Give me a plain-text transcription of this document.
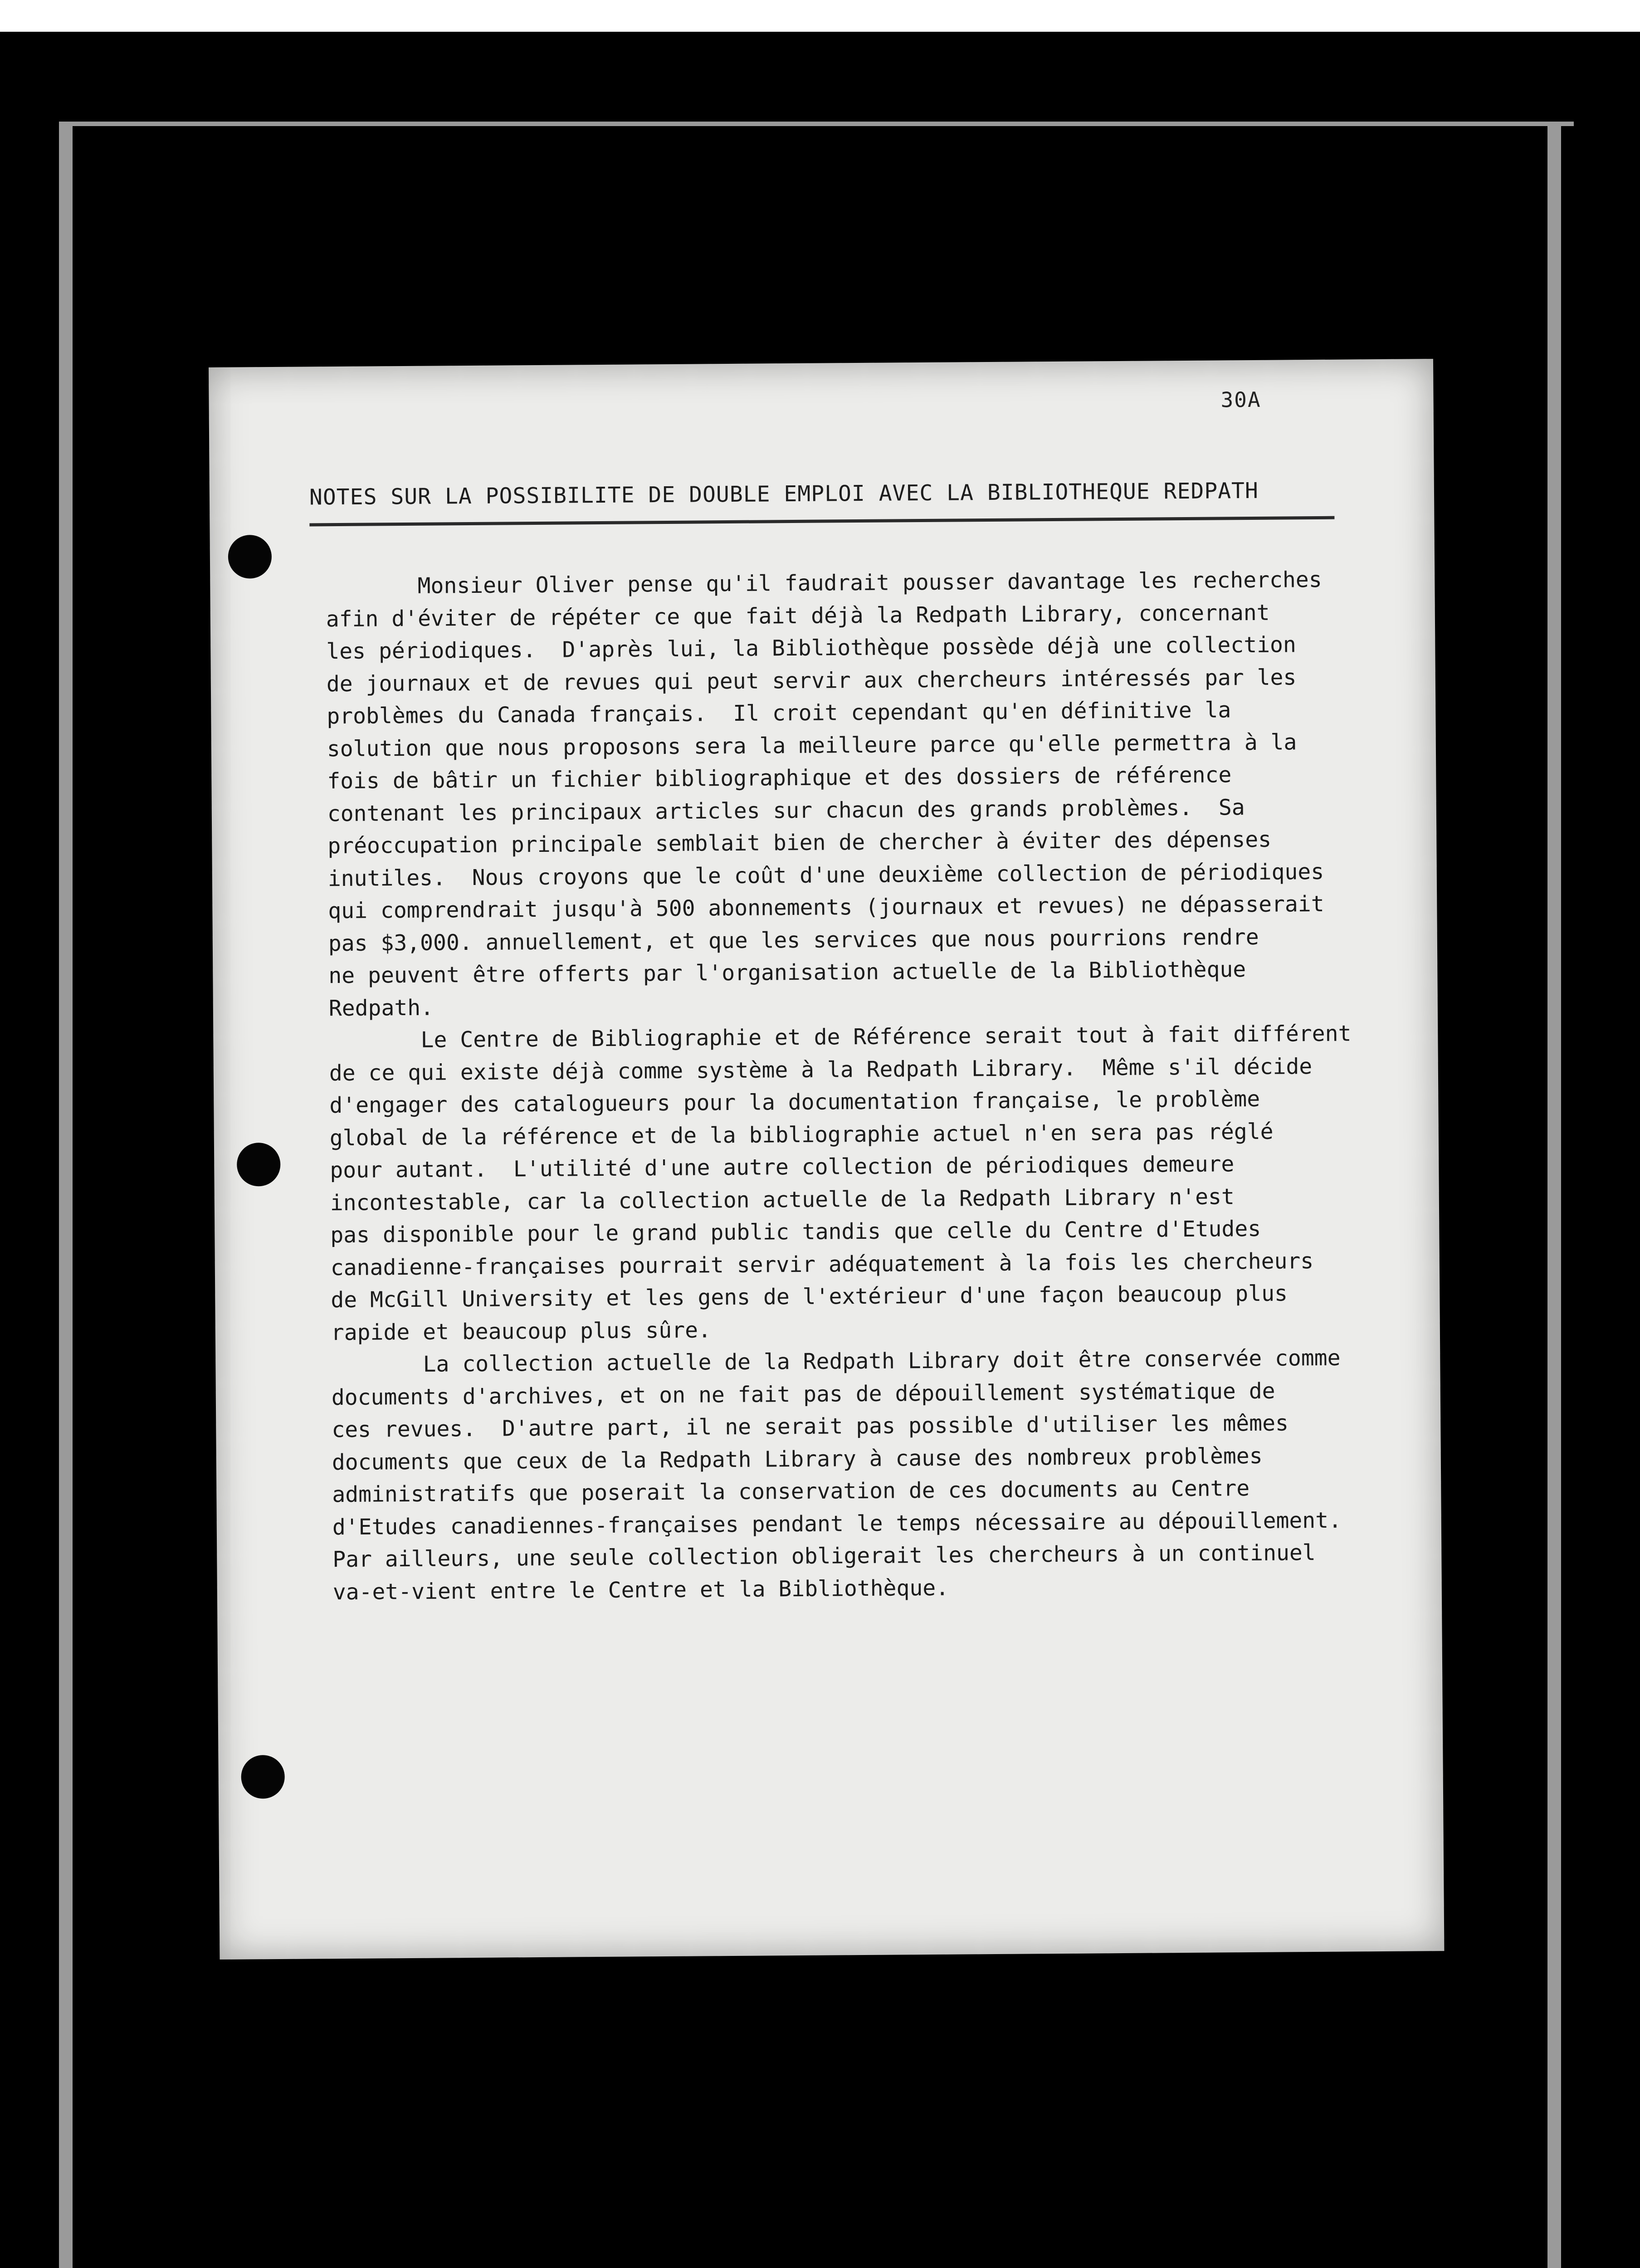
30A
NOTES SUR LA POSSIBILITE DE DOUBLE EMPLOI AVEC LA BIBLIOTHEQUE REDPATH
Monsieur Oliver pense qu'il faudrait pousser davantage les recherches
afin d'éviter de répéter ce que fait déjà la Redpath Library, concernant
les périodiques.  D'après lui, la Bibliothèque possède déjà une collection
de journaux et de revues qui peut servir aux chercheurs intéressés par les
problèmes du Canada français.  Il croit cependant qu'en définitive la
solution que nous proposons sera la meilleure parce qu'elle permettra à la
fois de bâtir un fichier bibliographique et des dossiers de référence
contenant les principaux articles sur chacun des grands problèmes.  Sa
préoccupation principale semblait bien de chercher à éviter des dépenses
inutiles.  Nous croyons que le coût d'une deuxième collection de périodiques
qui comprendrait jusqu'à 500 abonnements (journaux et revues) ne dépasserait
pas $3,000. annuellement, et que les services que nous pourrions rendre
ne peuvent être offerts par l'organisation actuelle de la Bibliothèque
Redpath.
Le Centre de Bibliographie et de Référence serait tout à fait différent
de ce qui existe déjà comme système à la Redpath Library.  Même s'il décide
d'engager des catalogueurs pour la documentation française, le problème
global de la référence et de la bibliographie actuel n'en sera pas réglé
pour autant.  L'utilité d'une autre collection de périodiques demeure
incontestable, car la collection actuelle de la Redpath Library n'est
pas disponible pour le grand public tandis que celle du Centre d'Etudes
canadienne-françaises pourrait servir adéquatement à la fois les chercheurs
de McGill University et les gens de l'extérieur d'une façon beaucoup plus
rapide et beaucoup plus sûre.
La collection actuelle de la Redpath Library doit être conservée comme
documents d'archives, et on ne fait pas de dépouillement systématique de
ces revues.  D'autre part, il ne serait pas possible d'utiliser les mêmes
documents que ceux de la Redpath Library à cause des nombreux problèmes
administratifs que poserait la conservation de ces documents au Centre
d'Etudes canadiennes-françaises pendant le temps nécessaire au dépouillement.
Par ailleurs, une seule collection obligerait les chercheurs à un continuel
va-et-vient entre le Centre et la Bibliothèque.
